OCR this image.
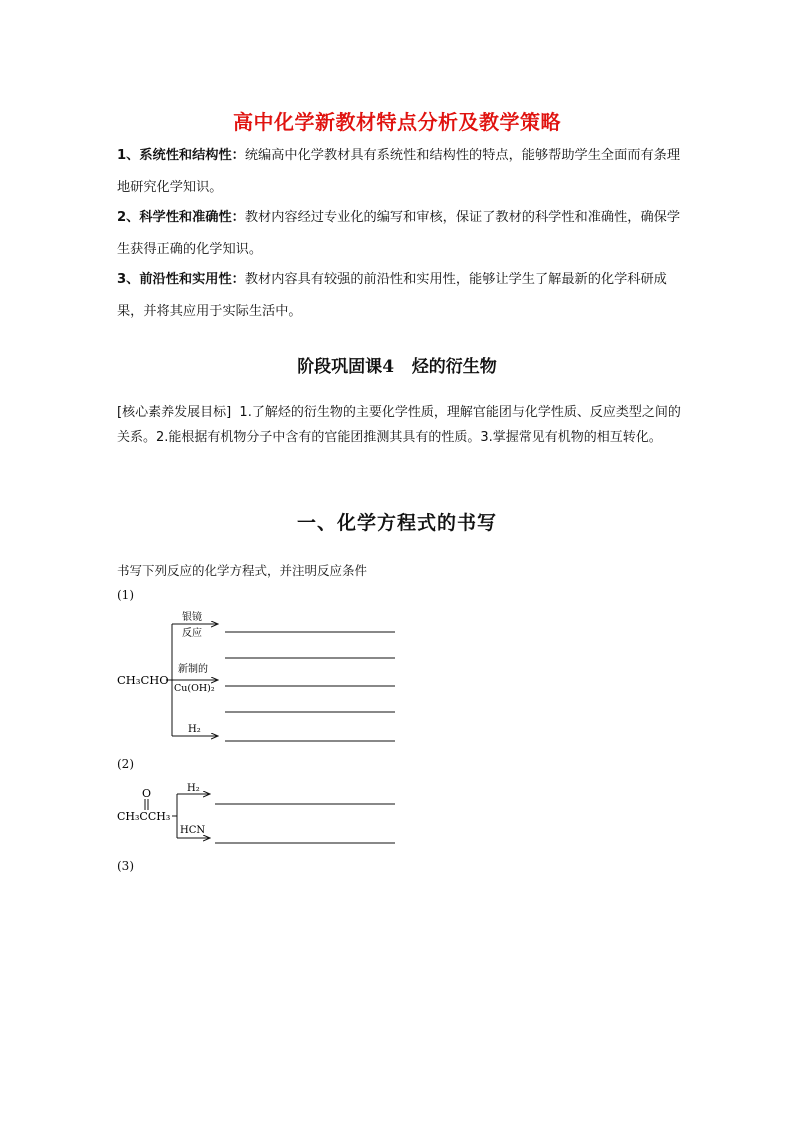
高中化学新教材特点分析及教学策略
1、系统性和结构性：统编高中化学教材具有系统性和结构性的特点，能够帮助学生全面而有条理地研究化学知识。
2、科学性和准确性：教材内容经过专业化的编写和审核，保证了教材的科学性和准确性，确保学生获得正确的化学知识。
3、前沿性和实用性：教材内容具有较强的前沿性和实用性，能够让学生了解最新的化学科研成果，并将其应用于实际生活中。
阶段巩固课4 烃的衍生物
[核心素养发展目标] 1.了解烃的衍生物的主要化学性质，理解官能团与化学性质、反应类型之间的关系。2.能根据有机物分子中含有的官能团推测其具有的性质。3.掌握常见有机物的相互转化。
一、化学方程式的书写
书写下列反应的化学方程式，并注明反应条件
(1)
(2)
(3)
CH₃CHO
银镜
反应
新制的
Cu(OH)₂
H₂
O
CH₃CCH₃
H₂
HCN
